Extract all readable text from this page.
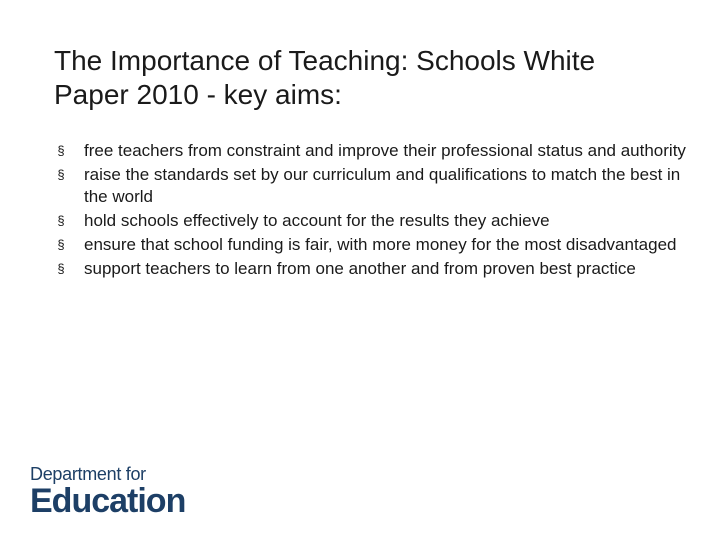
The Importance of Teaching: Schools White Paper 2010 - key aims:
§ free teachers from constraint and improve their professional status and authority
§ raise the standards set by our curriculum and qualifications to match the best in the world
§ hold schools effectively to account for the results they achieve
§ ensure that school funding is fair, with more money for the most disadvantaged
§ support teachers to learn from one another and from proven best practice
Department for
Education
